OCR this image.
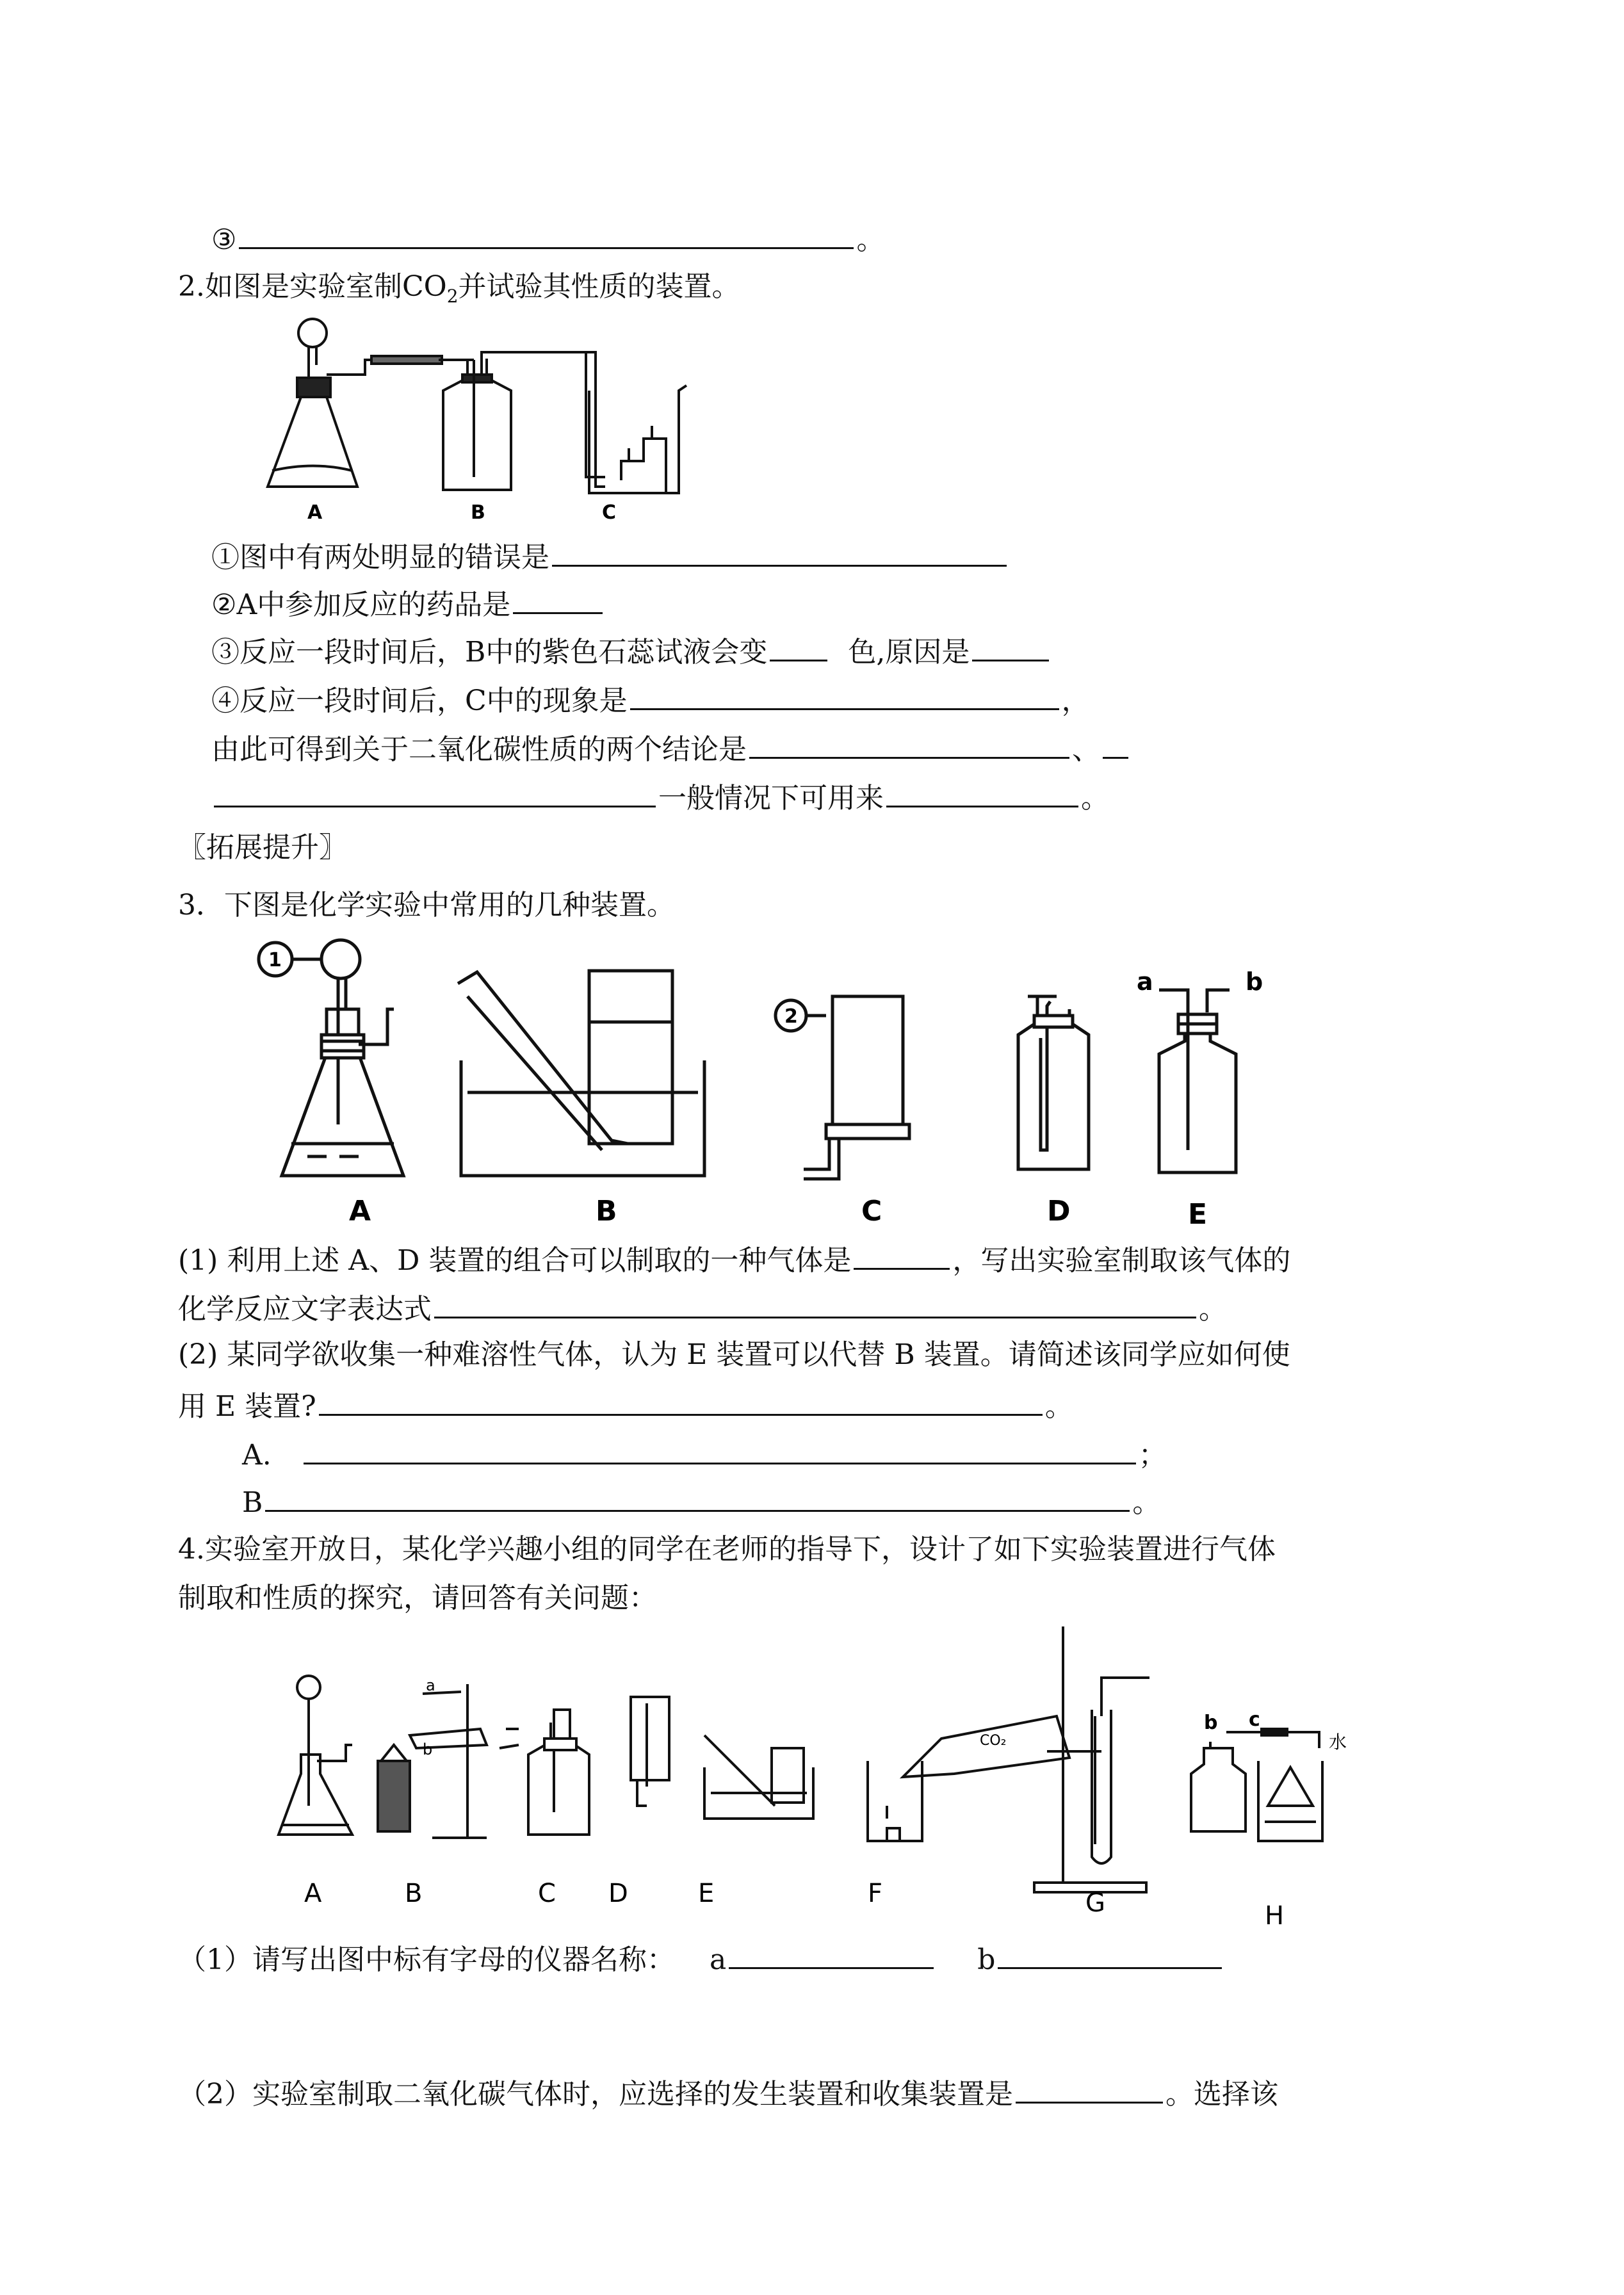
③	。
2.如图是实验室制$CO_2$并试验其性质的装置。
A	B	C
①图中有两处明显的错误是
②A中参加反应的药品是
③反应一段时间后，B中的紫色石蕊试液会变	色,原因是
④反应一段时间后，C中的现象是	，
由此可得到关于二氧化碳性质的两个结论是	、
一般情况下可用来	。
〖拓展提升〗
3．下图是化学实验中常用的几种装置。
1
2
a	b
A	B	C	D	E
(1) 利用上述 A、D 装置的组合可以制取的一种气体是	，写出实验室制取该气体的
化学反应文字表达式	。
(2) 某同学欲收集一种难溶性气体，认为 E 装置可以代替 B 装置。请简述该同学应如何使
用 E 装置?	。
A.	；
B	。
4.实验室开放日，某化学兴趣小组的同学在老师的指导下，设计了如下实验装置进行气体
制取和性质的探究，请回答有关问题：
a
b	CO₂
b c
水
A	B	C D	E	F	G	H
（1）请写出图中标有字母的仪器名称： a	b
（2）实验室制取二氧化碳气体时，应选择的发生装置和收集装置是	。选择该
